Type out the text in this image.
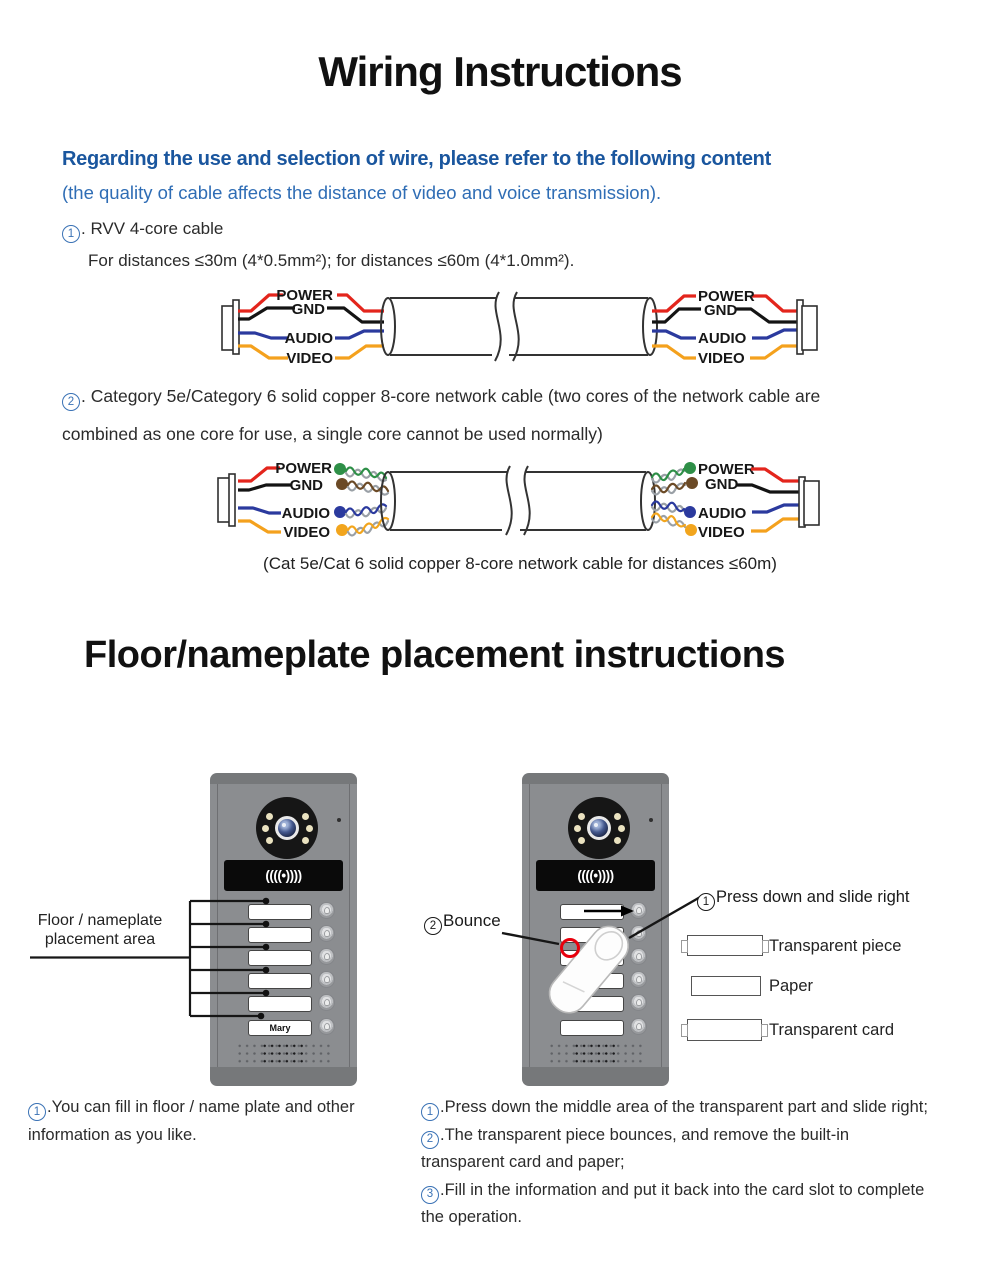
Wiring Instructions

Regarding the use and selection of wire, please refer to the following content

(the quality of cable affects the distance of video and voice transmission).

1 . RVV 4-core cable

For distances ≤30m (4*0.5mm²); for distances ≤60m (4*1.0mm²).

POWER
GND
AUDIO
VIDEO
POWER
GND
AUDIO
VIDEO

2 . Category 5e/Category 6 solid copper 8-core network cable (two cores of the network cable are
combined as one core for use, a single core cannot be used normally)

POWER
GND
AUDIO
VIDEO
POWER
GND
AUDIO
VIDEO

(Cat 5e/Cat 6 solid copper 8-core network cable for distances ≤60m)

Floor/nameplate placement instructions
((((•))))
Mary
((((•))))
Floor / nameplate placement area
2 Bounce
1 Press down and slide right
Transparent piece
Paper
Transparent card

1 .You can fill in floor / name plate and other

information as you like.

1 .Press down the middle area of the transparent part and slide right;

2 .The transparent piece bounces, and remove the built-in

transparent card and paper;

3 .Fill in the information and put it back into the card slot to complete

the operation.
